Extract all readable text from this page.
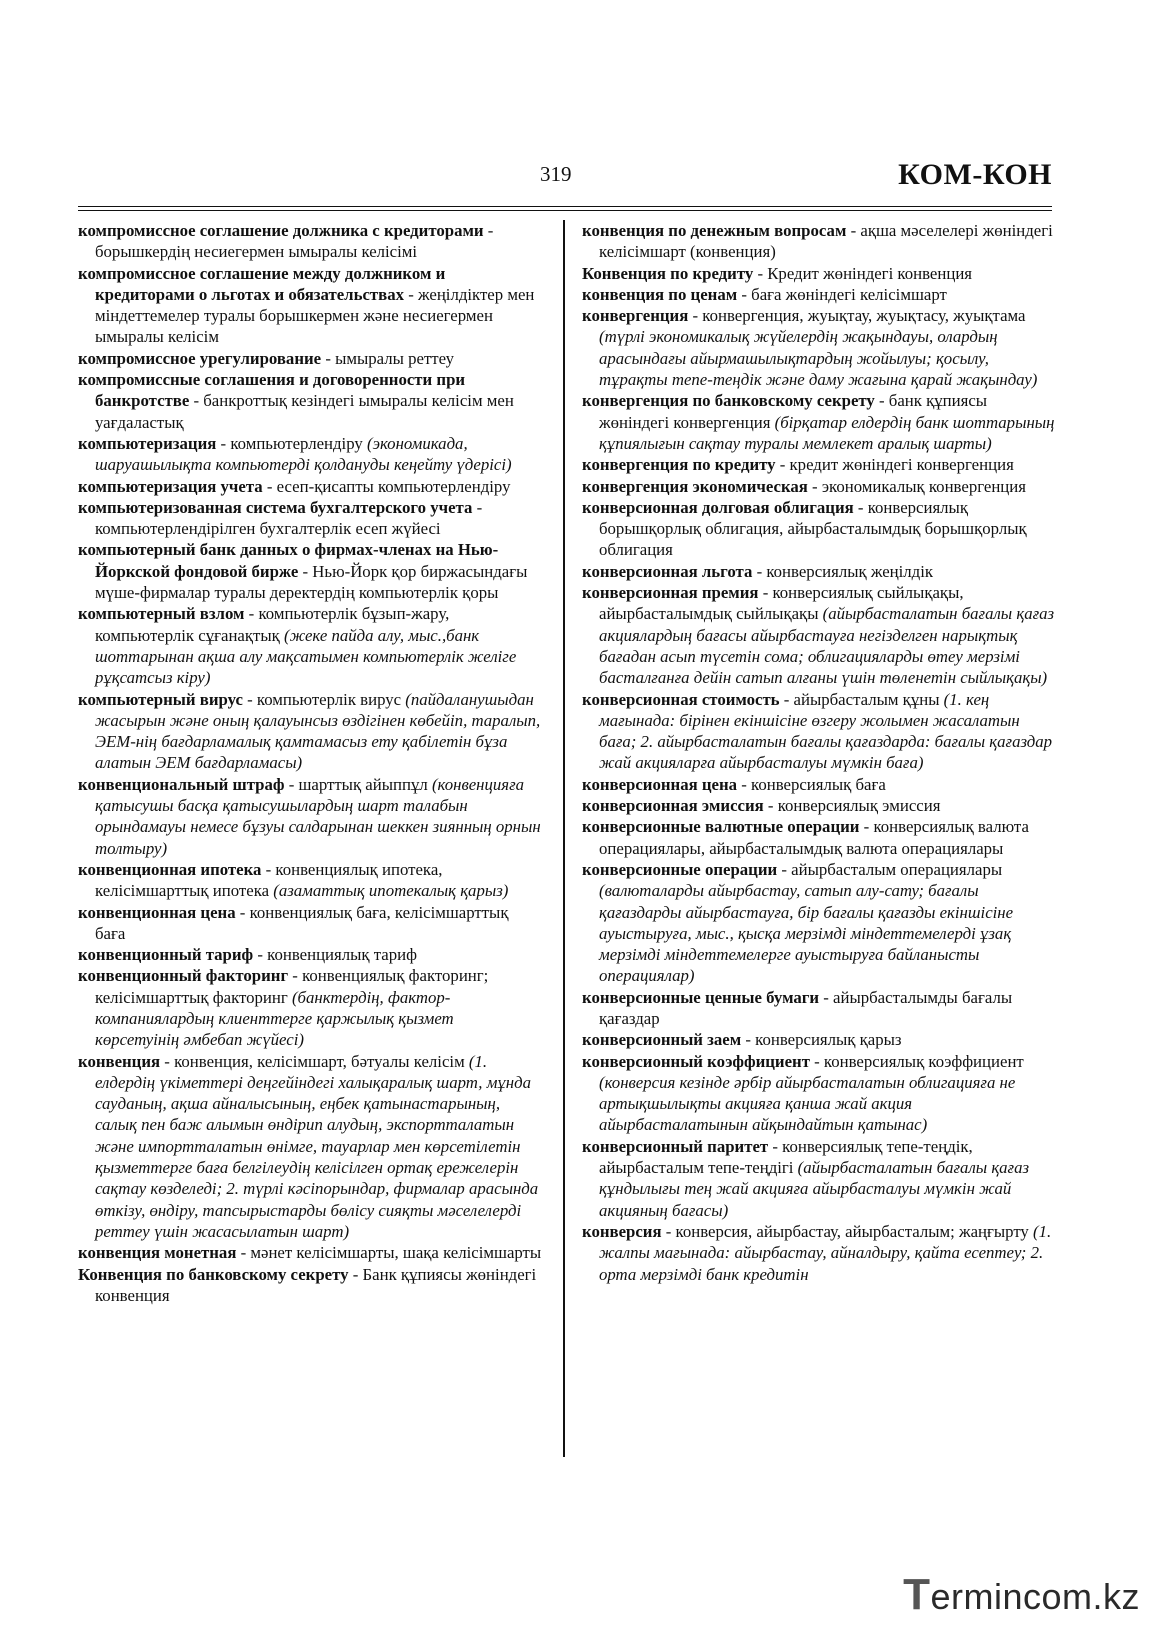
319	КОМ-КОН

компромиссное соглашение должника с кредиторами - борышкердің несиегермен ымыралы келісімі

компромиссное соглашение между должником и кредиторами о льготах и обязательствах - жеңілдіктер мен міндеттемелер туралы борышкермен және несиегермен ымыралы келісім

компромиссное урегулирование - ымыралы реттеу

компромиссные соглашения и договоренности при банкротстве - банкроттық кезіндегі ымыралы келісім мен уағдаластық

компьютеризация - компьютерлендіру (экономикада, шаруашылықта компьютерді қолдануды кеңейту үдерісі)

компьютеризация учета - есеп-қисапты компьютерлендіру

компьютеризованная система бухгалтерского учета - компьютерлендірілген бухгалтерлік есеп жүйесі

компьютерный банк данных о фирмах-членах на Нью-Йоркской фондовой бирже - Нью-Йорк қор биржасындағы мүше-фирмалар туралы деректердің компьютерлік қоры

компьютерный взлом - компьютерлік бұзып-жару, компьютерлік сұғанақтық (жеке пайда алу, мыс.,банк шоттарынан ақша алу мақсатымен компьютерлік желіге рұқсатсыз кіру)

компьютерный вирус - компьютерлік вирус (пайдаланушыдан жасырын және оның қалауынсыз өздігінен көбейіп, таралып, ЭЕМ-нің бағдарламалық қамтамасыз ету қабілетін бұза алатын ЭЕМ бағдарламасы)

конвенциональный штраф - шарттық айыппұл (конвенцияға қатысушы басқа қатысушылардың шарт талабын орындамауы немесе бұзуы салдарынан шеккен зиянның орнын толтыру)

конвенционная ипотека - конвенциялық ипотека, келісімшарттық ипотека (азаматтық ипотекалық қарыз)

конвенционная цена - конвенциялық баға, келісімшарттық баға

конвенционный тариф - конвенциялық тариф

конвенционный факторинг - конвенциялық факторинг; келісімшарттық факторинг (банктердің, фактор-компаниялардың клиенттерге қаржылық қызмет көрсетуінің әмбебап жүйесі)

конвенция - конвенция, келісімшарт, бәтуалы келісім (1. елдердің үкіметтері деңгейіндегі халықаралық шарт, мұнда сауданың, ақша айналысының, еңбек қатынастарының, салық пен баж алымын өндірип алудың, экспортталатын және импортталатын өнімге, тауарлар мен көрсетілетін қызметтерге баға белгілеудің келісілген ортақ ережелерін сақтау көзделеді; 2. түрлі кәсіпорындар, фирмалар арасында өткізу, өндіру, тапсырыстарды бөлісу сияқты мәселелерді реттеу үшін жасасылатын шарт)

конвенция монетная - мәнет келісімшарты, шақа келісімшарты

Конвенция по банковскому секрету - Банк құпиясы жөніндегі конвенция

конвенция по денежным вопросам - ақша мәселелері жөніндегі келісімшарт (конвенция)

Конвенция по кредиту - Кредит жөніндегі конвенция

конвенция по ценам - баға жөніндегі келісімшарт

конвергенция - конвергенция, жуықтау, жуықтасу, жуықтама (түрлі экономикалық жүйелердің жақындауы, олардың арасындағы айырмашылықтардың жойылуы; қосылу, тұрақты тепе-теңдік және даму жағына қарай жақындау)

конвергенция по банковскому секрету - банк құпиясы жөніндегі конвергенция (бірқатар елдердің банк шоттарының құпиялығын сақтау туралы мемлекет аралық шарты)

конвергенция по кредиту - кредит жөніндегі конвергенция

конвергенция экономическая - экономикалық конвергенция

конверсионная долговая облигация - конверсиялық борышқорлық облигация, айырбасталымдық борышқорлық облигация

конверсионная льгота - конверсиялық жеңілдік

конверсионная премия - конверсиялық сыйлықақы, айырбасталымдық сыйлықақы (айырбасталатын бағалы қағаз акциялардың бағасы айырбастауға негізделген нарықтық бағадан асып түсетін сома; облигацияларды өтеу мерзімі басталғанға дейін сатып алғаны үшін төленетін сыйлықақы)

конверсионная стоимость - айырбасталым құны (1. кең мағынада: бірінен екіншісіне өзгеру жолымен жасалатын баға; 2. айырбасталатын бағалы қағаздарда: бағалы қағаздар жай акцияларға айырбасталуы мүмкін баға)

конверсионная цена - конверсиялық баға

конверсионная эмиссия - конверсиялық эмиссия

конверсионные валютные операции - конверсиялық валюта операциялары, айырбасталымдық валюта операциялары

конверсионные операции - айырбасталым операциялары (валюталарды айырбастау, сатып алу-сату; бағалы қағаздарды айырбастауға, бір бағалы қағазды екіншісіне ауыстыруға, мыс., қысқа мерзімді міндеттемелерді ұзақ мерзімді міндеттемелерге ауыстыруға байланысты операциялар)

конверсионные ценные бумаги - айырбасталымды бағалы қағаздар

конверсионный заем - конверсиялық қарыз

конверсионный коэффициент - конверсиялық коэффициент (конверсия кезінде әрбір айырбасталатын облигацияға не артықшылықты акцияға қанша жай акция айырбасталатынын айқындайтын қатынас)

конверсионный паритет - конверсиялық тепе-теңдік, айырбасталым тепе-теңдігі (айырбасталатын бағалы қағаз құндылығы тең жай акцияға айырбасталуы мүмкін жай акцияның бағасы)

конверсия - конверсия, айырбастау, айырбасталым; жаңғырту (1. жалпы мағынада: айырбастау, айналдыру, қайта есептеу; 2. орта мерзімді банк кредитін

Termincom.kz
